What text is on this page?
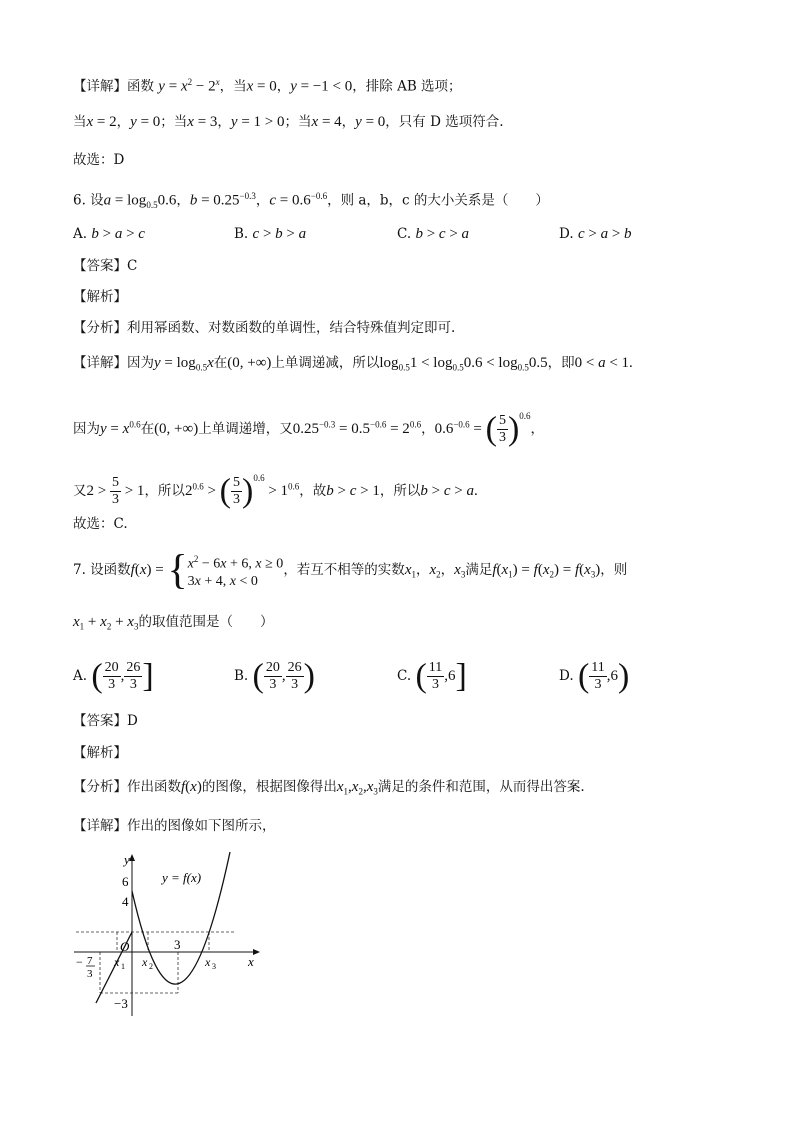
【详解】函数 $y = x^2 - 2^x$，当x = 0，y = −1 < 0，排除 AB 选项；
当x = 2，y = 0；当x = 3，y = 1 > 0；当x = 4，y = 0，只有 D 选项符合.
故选：D
6. 设$a = \log_{0.5}0.6$，$b = 0.25^{-0.3}$，$c = 0.6^{-0.6}$，则 a，b，c 的大小关系是（　　）
A. b > a > c	B. c > b > a	C. b > c > a	D. c > a > b
【答案】C
【解析】
【分析】利用幂函数、对数函数的单调性，结合特殊值判定即可.
【详解】因为$y = \log_{0.5}x$在(0, +∞)上单调递减，所以$\log_{0.5}1 < \log_{0.5}0.6 < \log_{0.5}0.5$，即0 < a < 1.
因为$y = x^{0.6}$在(0, +∞)上单调递增，又$0.25^{-0.3} = 0.5^{-0.6} = 2^{0.6}$，$0.6^{-0.6}$ = ( $\frac{5}{3} )^{0.6}$，
又$2 > \frac{5}{3} > 1$，所以$2^{0.6}$ > ( $\frac{5}{3} )^{0.6} > 1^{0.6}$，故b > c > 1，所以b > c > a.
故选：C.
7. 设函数f(x) = { $x^2 - 6x + 6$, x ≥ 0
3x + 4, x < 0
，若互不相等的实数$x_1$，$x_2$，$x_3$满足$f(x_1) = f(x_2) = f(x_3)$，则
$x_1 + x_2 + x_3$的取值范围是（　　）
A. ( $\frac{20}{3}$ , $\frac{26}{3}$ ]	B. ( $\frac{20}{3}$ , $\frac{26}{3}$ )	C. ( $\frac{11}{3} ,6$]	D. ( $\frac{11}{3} ,6$)
【答案】D
【解析】
【分析】作出函数f(x)的图像，根据图像得出$x_1,x_2,x_3$满足的条件和范围，从而得出答案.
【详解】作出的图像如下图所示，
y
x
6
4
O	3
−3
y = f(x)
− 7
3
x 1 x 2	x 3
